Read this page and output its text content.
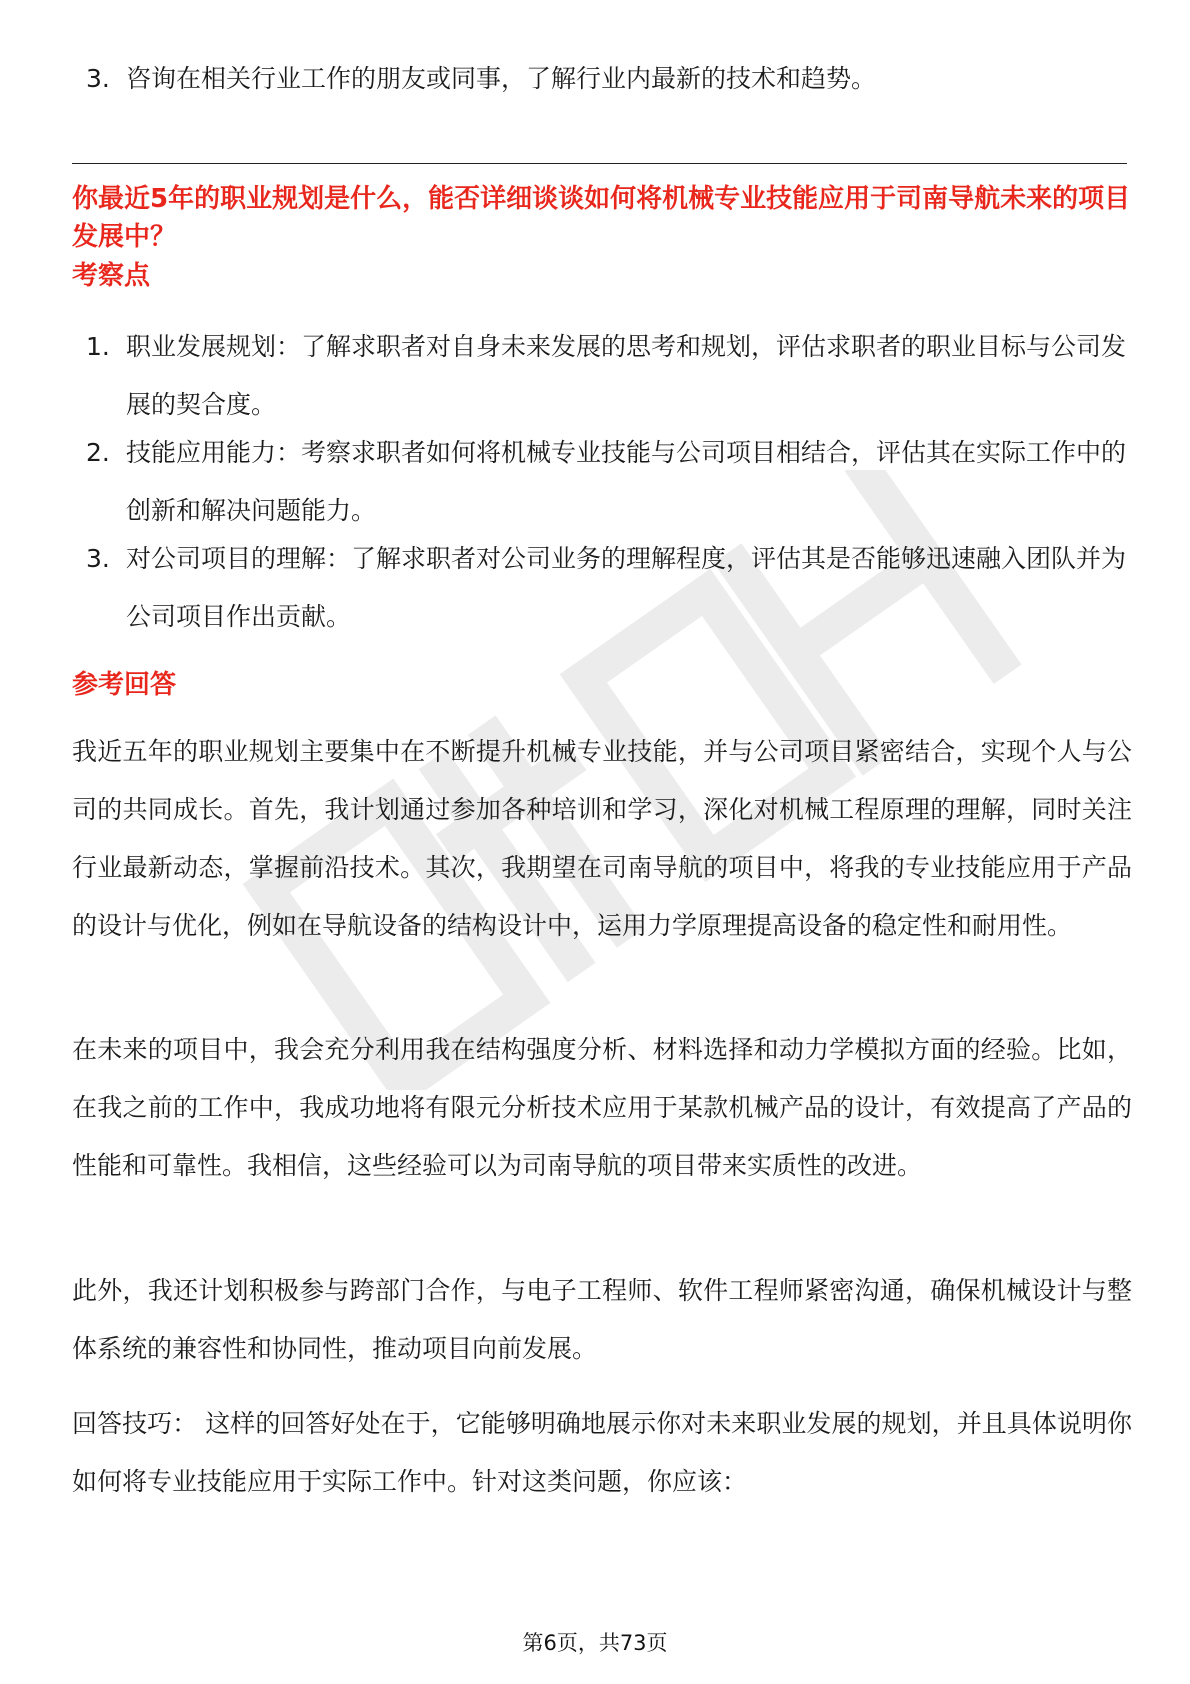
3. 咨询在相关行业工作的朋友或同事，了解行业内最新的技术和趋势。
你最近5年的职业规划是什么，能否详细谈谈如何将机械专业技能应用于司南导航未来的项目发展中？
考察点
1. 职业发展规划：了解求职者对自身未来发展的思考和规划，评估求职者的职业目标与公司发展的契合度。
2. 技能应用能力：考察求职者如何将机械专业技能与公司项目相结合，评估其在实际工作中的创新和解决问题能力。
3. 对公司项目的理解：了解求职者对公司业务的理解程度，评估其是否能够迅速融入团队并为公司项目作出贡献。
参考回答
我近五年的职业规划主要集中在不断提升机械专业技能，并与公司项目紧密结合，实现个人与公司的共同成长。首先，我计划通过参加各种培训和学习，深化对机械工程原理的理解，同时关注行业最新动态，掌握前沿技术。其次，我期望在司南导航的项目中，将我的专业技能应用于产品的设计与优化，例如在导航设备的结构设计中，运用力学原理提高设备的稳定性和耐用性。
在未来的项目中，我会充分利用我在结构强度分析、材料选择和动力学模拟方面的经验。比如，在我之前的工作中，我成功地将有限元分析技术应用于某款机械产品的设计，有效提高了产品的性能和可靠性。我相信，这些经验可以为司南导航的项目带来实质性的改进。
此外，我还计划积极参与跨部门合作，与电子工程师、软件工程师紧密沟通，确保机械设计与整体系统的兼容性和协同性，推动项目向前发展。
回答技巧： 这样的回答好处在于，它能够明确地展示你对未来职业发展的规划，并且具体说明你如何将专业技能应用于实际工作中。针对这类问题，你应该：
第6页，共73页
